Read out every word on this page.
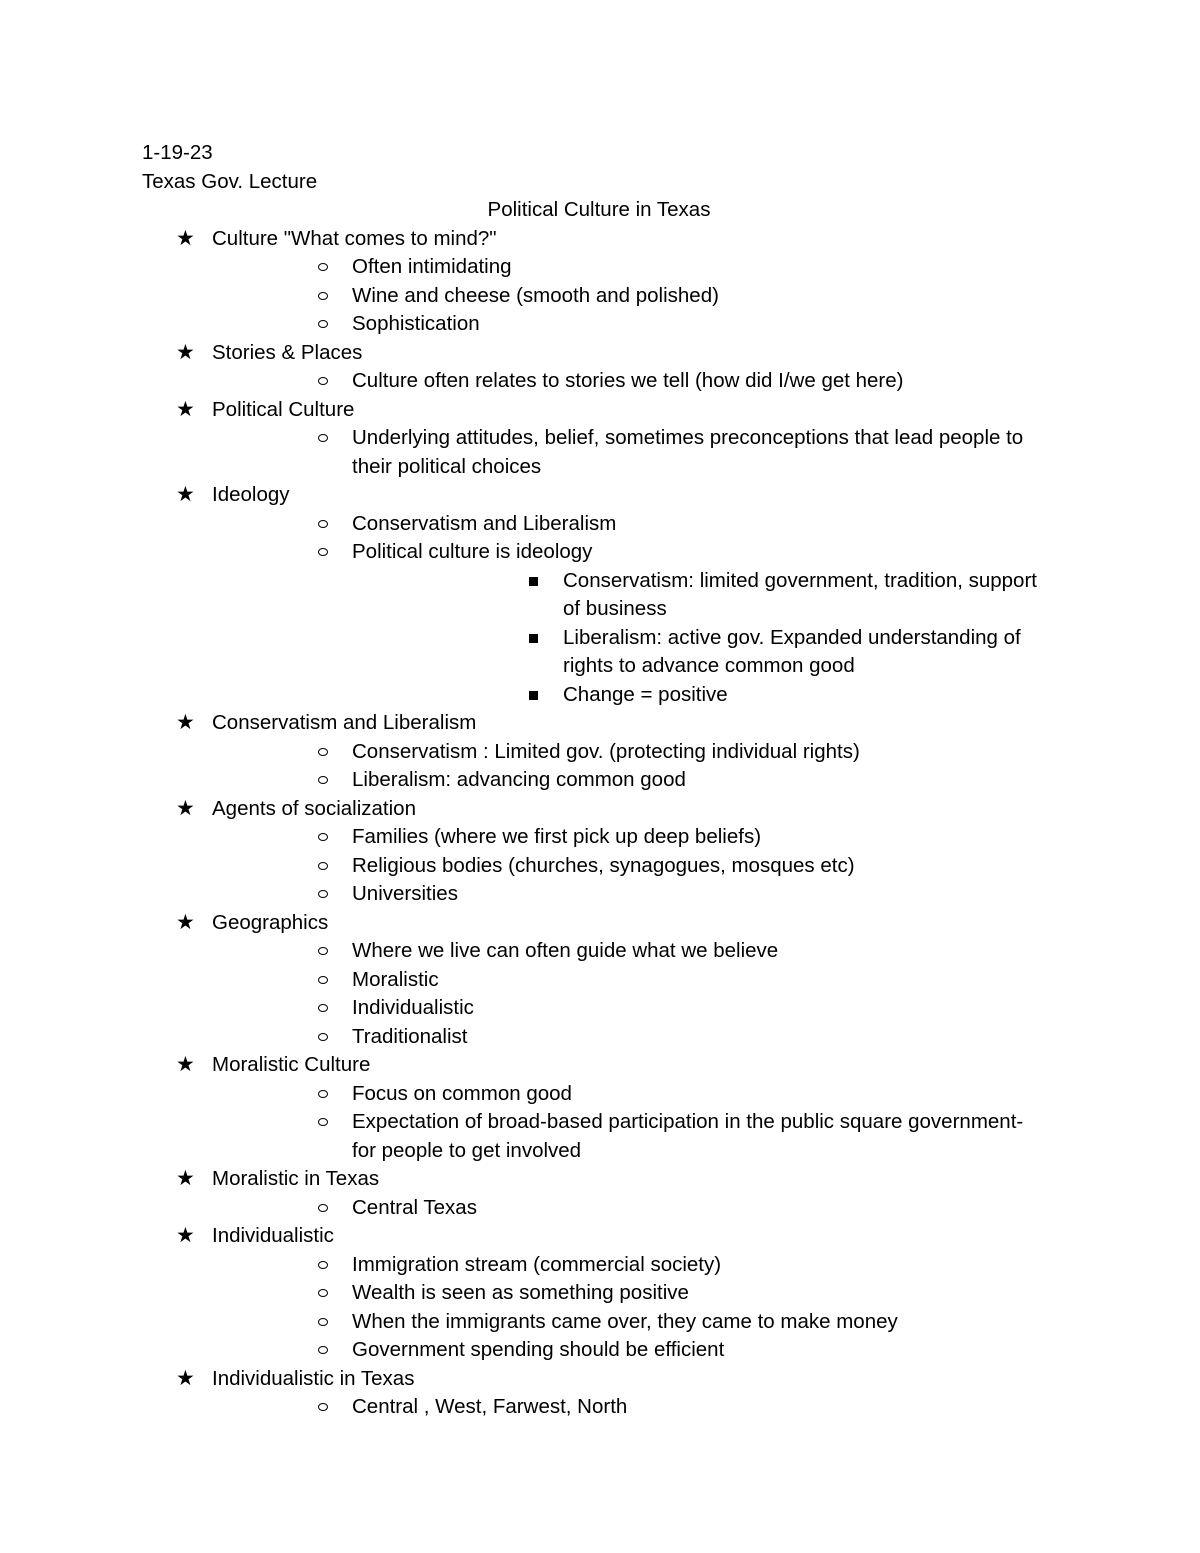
1-19-23
Texas Gov. Lecture
Political Culture in Texas
★ Culture "What comes to mind?"
Often intimidating
Wine and cheese (smooth and polished)
Sophistication
★ Stories & Places
Culture often relates to stories we tell (how did I/we get here)
★ Political Culture
Underlying attitudes, belief, sometimes preconceptions that lead people to their political choices
★ Ideology
Conservatism and Liberalism
Political culture is ideology
Conservatism: limited government, tradition, support of business
Liberalism: active gov. Expanded understanding of rights to advance common good
Change = positive
★ Conservatism and Liberalism
Conservatism : Limited gov. (protecting individual rights)
Liberalism: advancing common good
★ Agents of socialization
Families (where we first pick up deep beliefs)
Religious bodies (churches, synagogues, mosques etc)
Universities
★ Geographics
Where we live can often guide what we believe
Moralistic
Individualistic
Traditionalist
★ Moralistic Culture
Focus on common good
Expectation of broad-based participation in the public square government- for people to get involved
★ Moralistic in Texas
Central Texas
★ Individualistic
Immigration stream (commercial society)
Wealth is seen as something positive
When the immigrants came over, they came to make money
Government spending should be efficient
★ Individualistic in Texas
Central , West, Farwest, North
